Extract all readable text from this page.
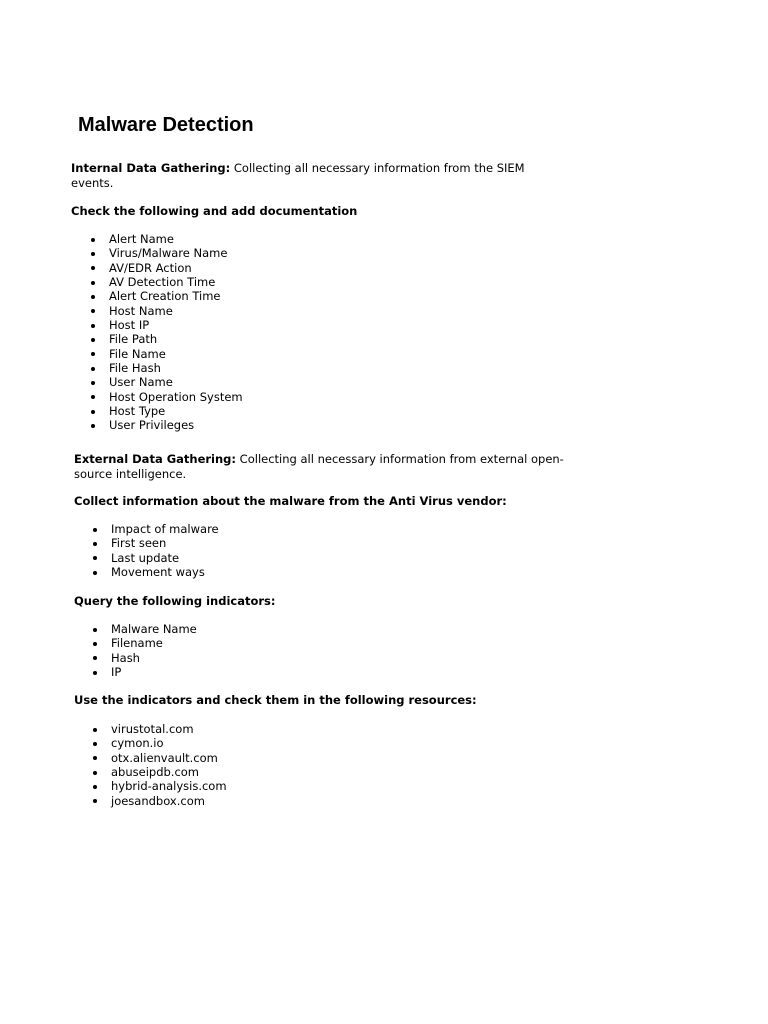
Malware Detection

Internal Data Gathering: Collecting all necessary information from the SIEM events.

Check the following and add documentation

Alert Name
Virus/Malware Name
AV/EDR Action
AV Detection Time
Alert Creation Time
Host Name
Host IP
File Path
File Name
File Hash
User Name
Host Operation System
Host Type
User Privileges

External Data Gathering: Collecting all necessary information from external open-source intelligence.

Collect information about the malware from the Anti Virus vendor:

Impact of malware
First seen
Last update
Movement ways

Query the following indicators:

Malware Name
Filename
Hash
IP

Use the indicators and check them in the following resources:

virustotal.com
cymon.io
otx.alienvault.com
abuseipdb.com
hybrid-analysis.com
joesandbox.com
